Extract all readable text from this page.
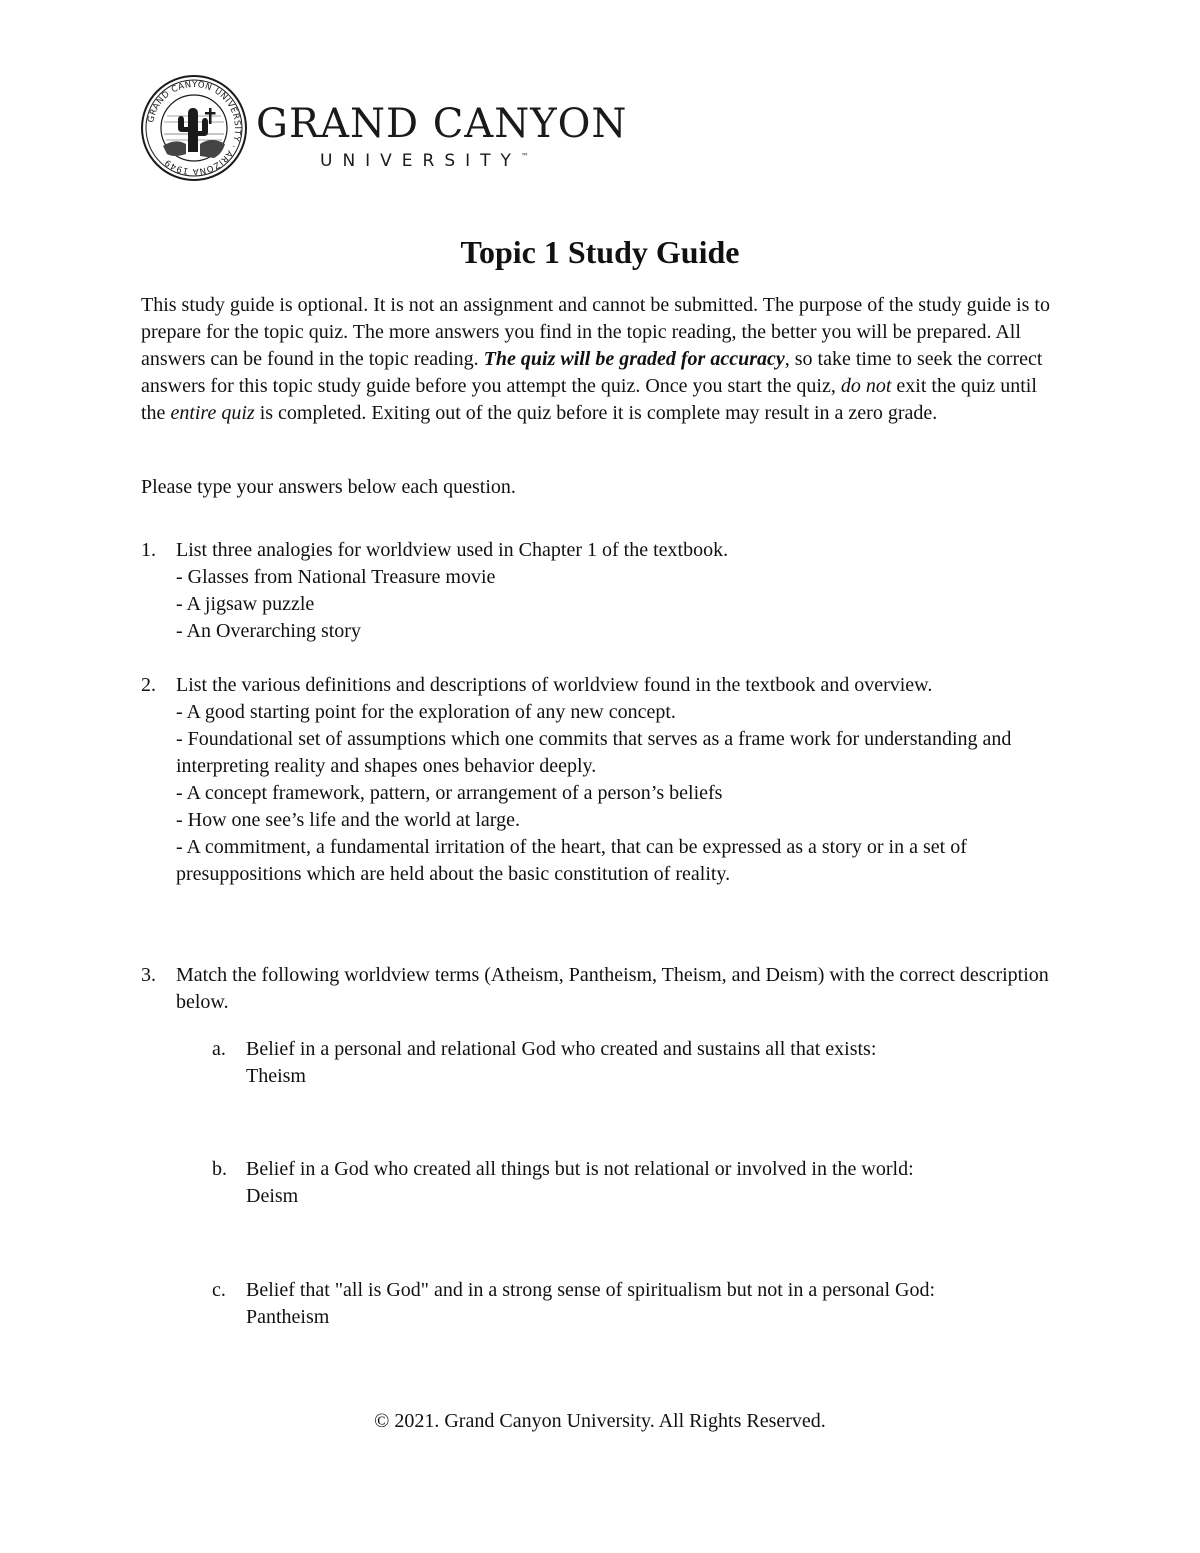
GRAND CANYON UNIVERSITY · ARIZONA 1949
GRAND CANYON
UNIVERSITY™
Topic 1 Study Guide

This study guide is optional. It is not an assignment and cannot be submitted. The purpose of the study guide is to prepare for the topic quiz. The more answers you find in the topic reading, the better you will be prepared. All answers can be found in the topic reading. The quiz will be graded for accuracy, so take time to seek the correct answers for this topic study guide before you attempt the quiz. Once you start the quiz, do not exit the quiz until the entire quiz is completed. Exiting out of the quiz before it is complete may result in a zero grade.

Please type your answers below each question.

1. List three analogies for worldview used in Chapter 1 of the textbook.
- Glasses from National Treasure movie
- A jigsaw puzzle
- An Overarching story
2. List the various definitions and descriptions of worldview found in the textbook and overview.
- A good starting point for the exploration of any new concept.
- Foundational set of assumptions which one commits that serves as a frame work for understanding and interpreting reality and shapes ones behavior deeply.
- A concept framework, pattern, or arrangement of a person’s beliefs
- How one see’s life and the world at large.
- A commitment, a fundamental irritation of the heart, that can be expressed as a story or in a set of presuppositions which are held about the basic constitution of reality.
3. Match the following worldview terms (Atheism, Pantheism, Theism, and Deism) with the correct description below.
a. Belief in a personal and relational God who created and sustains all that exists:
Theism
b. Belief in a God who created all things but is not relational or involved in the world:
Deism
c. Belief that "all is God" and in a strong sense of spiritualism but not in a personal God:
Pantheism

© 2021. Grand Canyon University. All Rights Reserved.
